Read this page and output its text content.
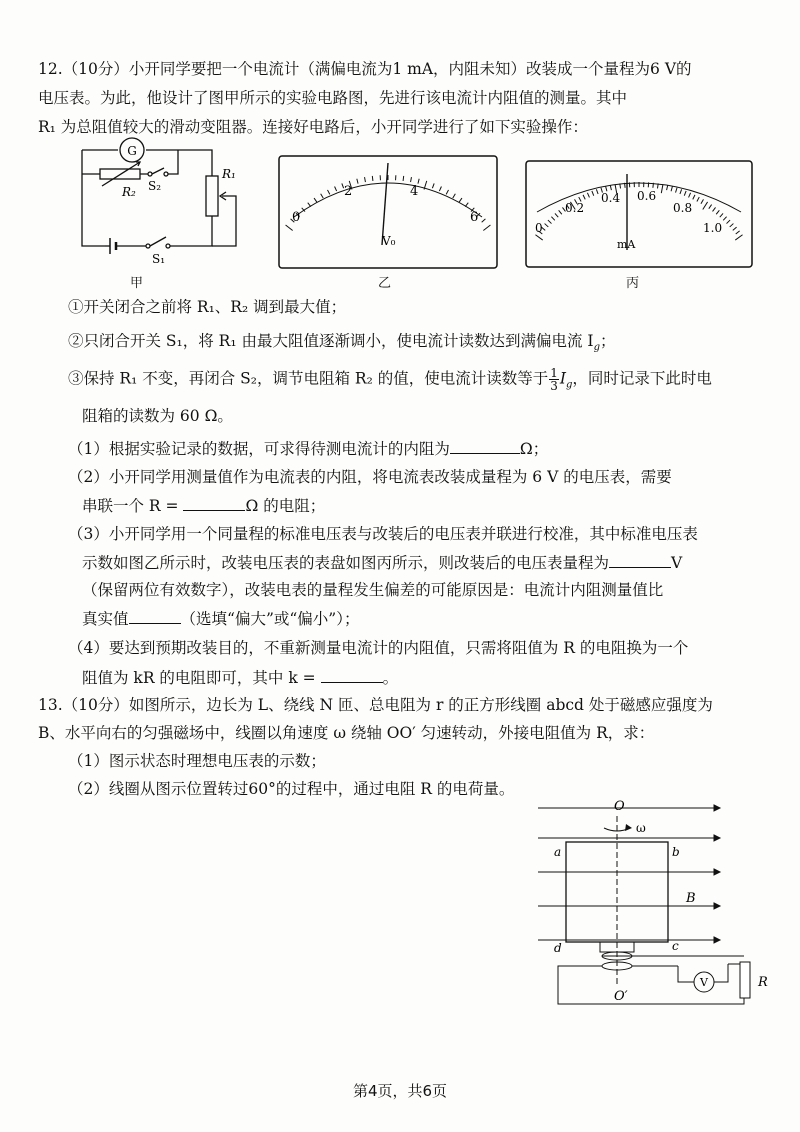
12.（10分）小开同学要把一个电流计（满偏电流为1 mA，内阻未知）改装成一个量程为6 V的
电压表。为此，他设计了图甲所示的实验电路图，先进行该电流计内阻值的测量。其中
R₁ 为总阻值较大的滑动变阻器。连接好电路后，小开同学进行了如下实验操作：
G
R₂ S₂
R₁
S₁
甲
0
2	4
6
V₀
乙
0
0.2
0.4 0.6
0.8
1.0
mA
丙
①开关闭合之前将 R₁、R₂ 调到最大值；
②只闭合开关 S₁，将 R₁ 由最大阻值逐渐调小，使电流计读数达到满偏电流 $I_g$；
③保持 R₁ 不变，再闭合 S₂，调节电阻箱 R₂ 的值，使电流计读数等于 $\frac{1}{3} I_g$，同时记录下此时电
阻箱的读数为 60 Ω。
（1）根据实验记录的数据，可求得待测电流计的内阻为	Ω；
（2）小开同学用测量值作为电流表的内阻，将电流表改装成量程为 6 V 的电压表，需要
串联一个 R =	Ω 的电阻；
（3）小开同学用一个同量程的标准电压表与改装后的电压表并联进行校准，其中标准电压表
示数如图乙所示时，改装电压表的表盘如图丙所示，则改装后的电压表量程为	V
（保留两位有效数字），改装电表的量程发生偏差的可能原因是：电流计内阻测量值比
真实值	（选填“偏大”或“偏小”）；
（4）要达到预期改装目的，不重新测量电流计的内阻值，只需将阻值为 R 的电阻换为一个
阻值为 kR 的电阻即可，其中 k =	。
13.（10分）如图所示，边长为 L、绕线 N 匝、总电阻为 r 的正方形线圈 abcd 处于磁感应强度为
B、水平向右的匀强磁场中，线圈以角速度 ω 绕轴 OO′ 匀速转动，外接电阻值为 R，求：
（1）图示状态时理想电压表的示数；
（2）线圈从图示位置转过60°的过程中，通过电阻 R 的电荷量。
O
ω
a	b
c
d
B
O′
V	R
第4页，共6页
